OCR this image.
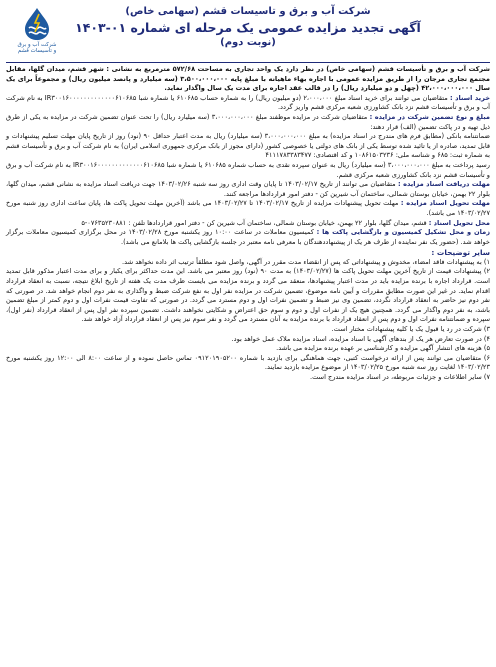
شرکت آب و برق
و تاسیسات قشم
شرکت آب و برق و تاسیسات قشم (سهامی خاص)
آگهی تجدید مزایده عمومی یک مرحله ای شماره ۰۱-۱۴۰۳
(نوبت دوم)

شرکت آب و برق و تأسیسات قشم (سهامی خاص) در نظر دارد یک واحد تجاری به مساحت ۵۷۲/۶۸ مترمربع به نشانی : شهر قشم، میدان گلها، مقابل مجتمع تجاری مرجان را از طریق مزایده عمومی با اجاره بهاء ماهیانه با مبلغ پایه ۳،۵۰۰،۰۰۰،۰۰۰ (سه میلیارد و پانصد میلیون ریال) و مجموعاً برای یک سال ۴۲،۰۰۰،۰۰۰،۰۰۰ (چهل و دو میلیارد ریال) را در قالب عقد اجاره برای مدت یک سال واگذار نماید.

خرید اسناد : متقاضیان می توانند برای خرید اسناد مبلغ ۲،۰۰۰،۰۰۰ (دو میلیون ریال) را به شماره حساب ۶۱۰۶۸۵ یا شماره شبا IR۳۰۰۱۶۰۰۰۰۰۰۰۰۰۰۰۰۰۶۱۰۶۸۵ به نام شرکت آب و برق و تأسیسات قشم نزد بانک کشاورزی شعبه مرکزی قشم واریز گردد.

مبلغ و نوع تضمین شرکت در مزایده : متقاضیان شرکت در مزایده موظفند مبلغ ۳،۰۰۰،۰۰۰،۰۰۰ (سه میلیارد ریال) را تحت عنوان تضمین شرکت در مزایده به یکی از طرق ذیل تهیه و در پاکت تضمین (الف) قرار دهند:

ضمانتنامه بانکی (مطابق فرم های مندرج در اسناد مزایده) به مبلغ ۳،۰۰۰،۰۰۰،۰۰۰ (سه میلیارد) ریال به مدت اعتبار حداقل ۹۰ (نود) روز از تاریخ پایان مهلت تسلیم پیشنهادات و قابل تمدید، صادره از یا تائید شده توسط یکی از بانک های دولتی یا خصوصی کشور (دارای مجوز از بانک مرکزی جمهوری اسلامی ایران) به نام شرکت آب و برق و تأسیسات قشم به شماره ثبت: ۶۸۵ و شناسه ملی: ۱۰۸۶۱۵۰۳۲۳۶ و کد اقتصادی: ۴۱۱۱۷۸۳۳۸۳۴۷۷

رسید پرداخت به مبلغ ۳،۰۰۰،۰۰۰،۰۰۰ (سه میلیارد) ریال به عنوان سپرده نقدی به حساب شماره ۶۱۰۶۸۵ یا شماره شبا IR۳۰۰۱۶۰۰۰۰۰۰۰۰۰۰۰۰۰۶۱۰۶۸۵ به نام شرکت آب و برق و تأسیسات قشم نزد بانک کشاورزی شعبه مرکزی قشم.

مهلت دریافت اسناد مزایده : متقاضیان می توانند از تاریخ ۱۴۰۳/۰۲/۱۷ تا پایان وقت اداری روز سه شنبه ۱۴۰۳/۰۲/۲۶ جهت دریافت اسناد مزایده به نشانی قشم، میدان گلها، بلوار ۲۲ بهمن، خیابان بوستان شمالی، ساختمان آب شیرین کن - دفتر امور قراردادها مراجعه کنند.

مهلت تحویل اسناد مزایده : مهلت تحویل پیشنهادات مزایده از تاریخ ۱۴۰۳/۰۲/۱۷ تا ۱۴۰۳/۰۲/۲۷ می باشد (آخرین مهلت تحویل پاکت ها، پایان ساعت اداری روز شنبه مورخ ۱۴۰۳/۰۲/۲۷ می باشد).

محل تحویل اسناد : قشم، میدان گلها، بلوار ۲۲ بهمن، خیابان بوستان شمالی، ساختمان آب شیرین کن - دفتر امور قراردادها تلفن : ۰۷۶۳۵۲۳۰۸۸۱-۵

زمان و محل تشکیل کمیسیون و بازگشایی پاکت ها : کمیسیون معاملات در ساعت ۱۰:۰۰ روز یکشنبه مورخ ۱۴۰۳/۰۲/۲۸ در محل برگزاری کمیسیون معاملات برگزار خواهد شد. (حضور یک نفر نماینده از طرف هر یک از پیشنهاددهندگان با معرفی نامه معتبر در جلسه بازگشایی پاکت ها بلامانع می باشد).

سایر توضیحات :
۱) به پیشنهادات فاقد امضاء، مخدوش و پیشنهاداتی که پس از انقضاء مدت مقرر در آگهی، واصل شود مطلقاً ترتیب اثر داده نخواهد شد.
۲) پیشنهادات قیمت از تاریخ آخرین مهلت تحویل پاکت ها (۱۴۰۳/۰۲/۲۷) به مدت ۹۰ (نود) روز معتبر می باشد. این مدت حداکثر برای یکبار و برای مدت اعتبار مذکور قابل تمدید است. قرارداد اجاره با برنده مزایده باید در مدت اعتبار پیشنهادها، منعقد می گردد و برنده مزایده می بایست ظرف مدت یک هفته از تاریخ ابلاغ نتیجه، نسبت به انعقاد قرارداد اقدام نماید. در غیر این صورت مطابق مقررات و آیین نامه موضوع، تضمین شرکت در مزایده نفر اول به نفع شرکت ضبط و واگذاری به نفر دوم انجام خواهد شد. در صورتی که نفر دوم نیز حاضر به انعقاد قرارداد نگردد، تضمین وی نیز ضبط و تضمین نفرات اول و دوم مسترد می گردد. در صورتی که تفاوت قیمت نفرات اول و دوم کمتر از مبلغ تضمین باشد، به نفر دوم واگذار می گردد. همچنین هیچ یک از نفرات اول و دوم و سوم حق اعتراض و شکایتی نخواهند داشت. تضمین سپرده نفر اول پس از انعقاد قرارداد (نفر اول)، سپرده و ضمانتنامه نفرات اول و دوم پس از انعقاد قرارداد با برنده مزایده به آنان مسترد می گردد و نفر سوم نیز پس از انعقاد قرارداد آزاد خواهد شد.
۳) شرکت در رد یا قبول یک یا کلیه پیشنهادات مختار است.
۴) در صورت تعارض هر یک از بندهای آگهی با اسناد مزایده، اسناد مزایده ملاک عمل خواهد بود.
۵) هزینه های انتشار آگهی مزایده و کارشناسی بر عهده برنده مزایده می باشد.
۶) متقاضیان می توانند پس از ارائه درخواست کتبی، جهت هماهنگی برای بازدید با شماره ۰۹۱۲۰۱۹۰۵۲۰۰ تماس حاصل نموده و از ساعت ۸:۰۰ الی ۱۲:۰۰ روز یکشنبه مورخ ۱۴۰۳/۰۲/۲۳ لغایت روز سه شنبه مورخ ۱۴۰۳/۰۲/۲۵ از موضوع مزایده بازدید نمایند.
۷) سایر اطلاعات و جزئیات مربوطه، در اسناد مزایده مندرج است.
